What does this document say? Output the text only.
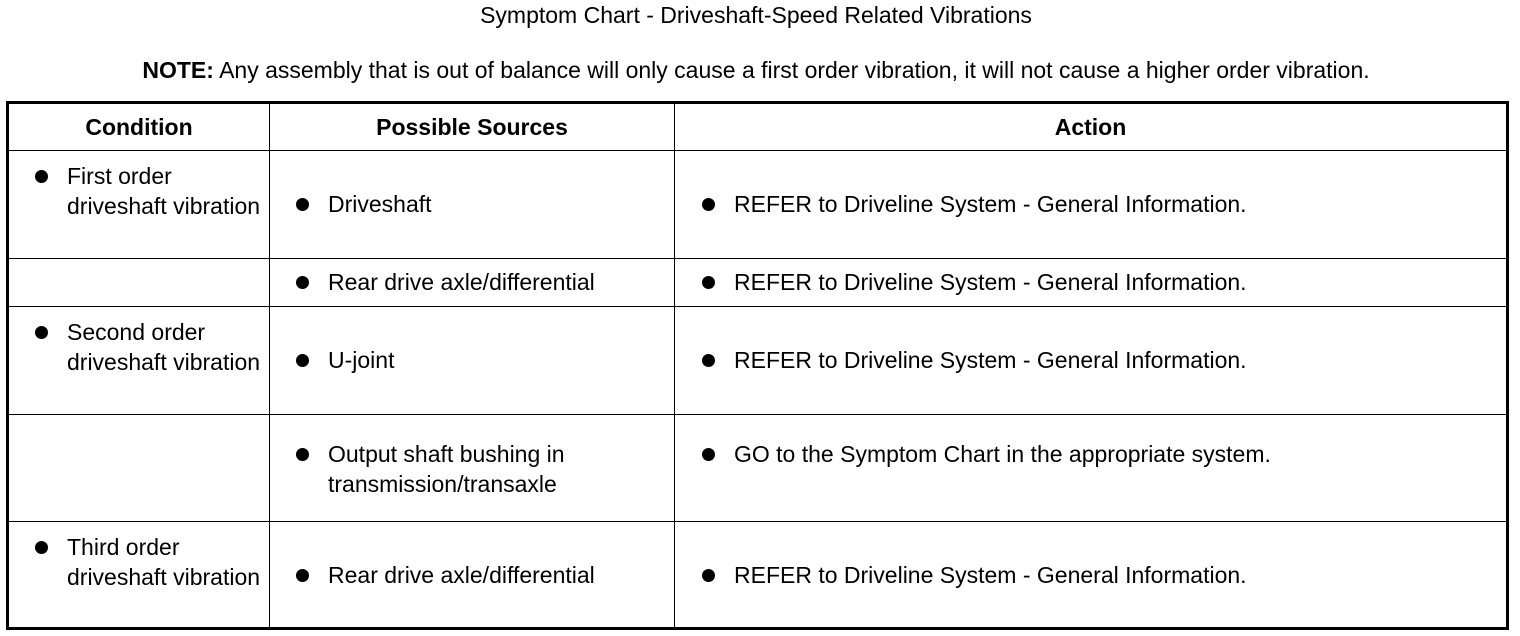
Symptom Chart - Driveshaft-Speed Related Vibrations
NOTE: Any assembly that is out of balance will only cause a first order vibration, it will not cause a higher order vibration.
Condition	Possible Sources	Action

First order driveshaft vibration	Driveshaft	REFER to Driveline System - General Information.

	Rear drive axle/differential	REFER to Driveline System - General Information.

Second order driveshaft vibration	U-joint	REFER to Driveline System - General Information.

	Output shaft bushing in transmission/transaxle	GO to the Symptom Chart in the appropriate system.

Third order driveshaft vibration	Rear drive axle/differential	REFER to Driveline System - General Information.
